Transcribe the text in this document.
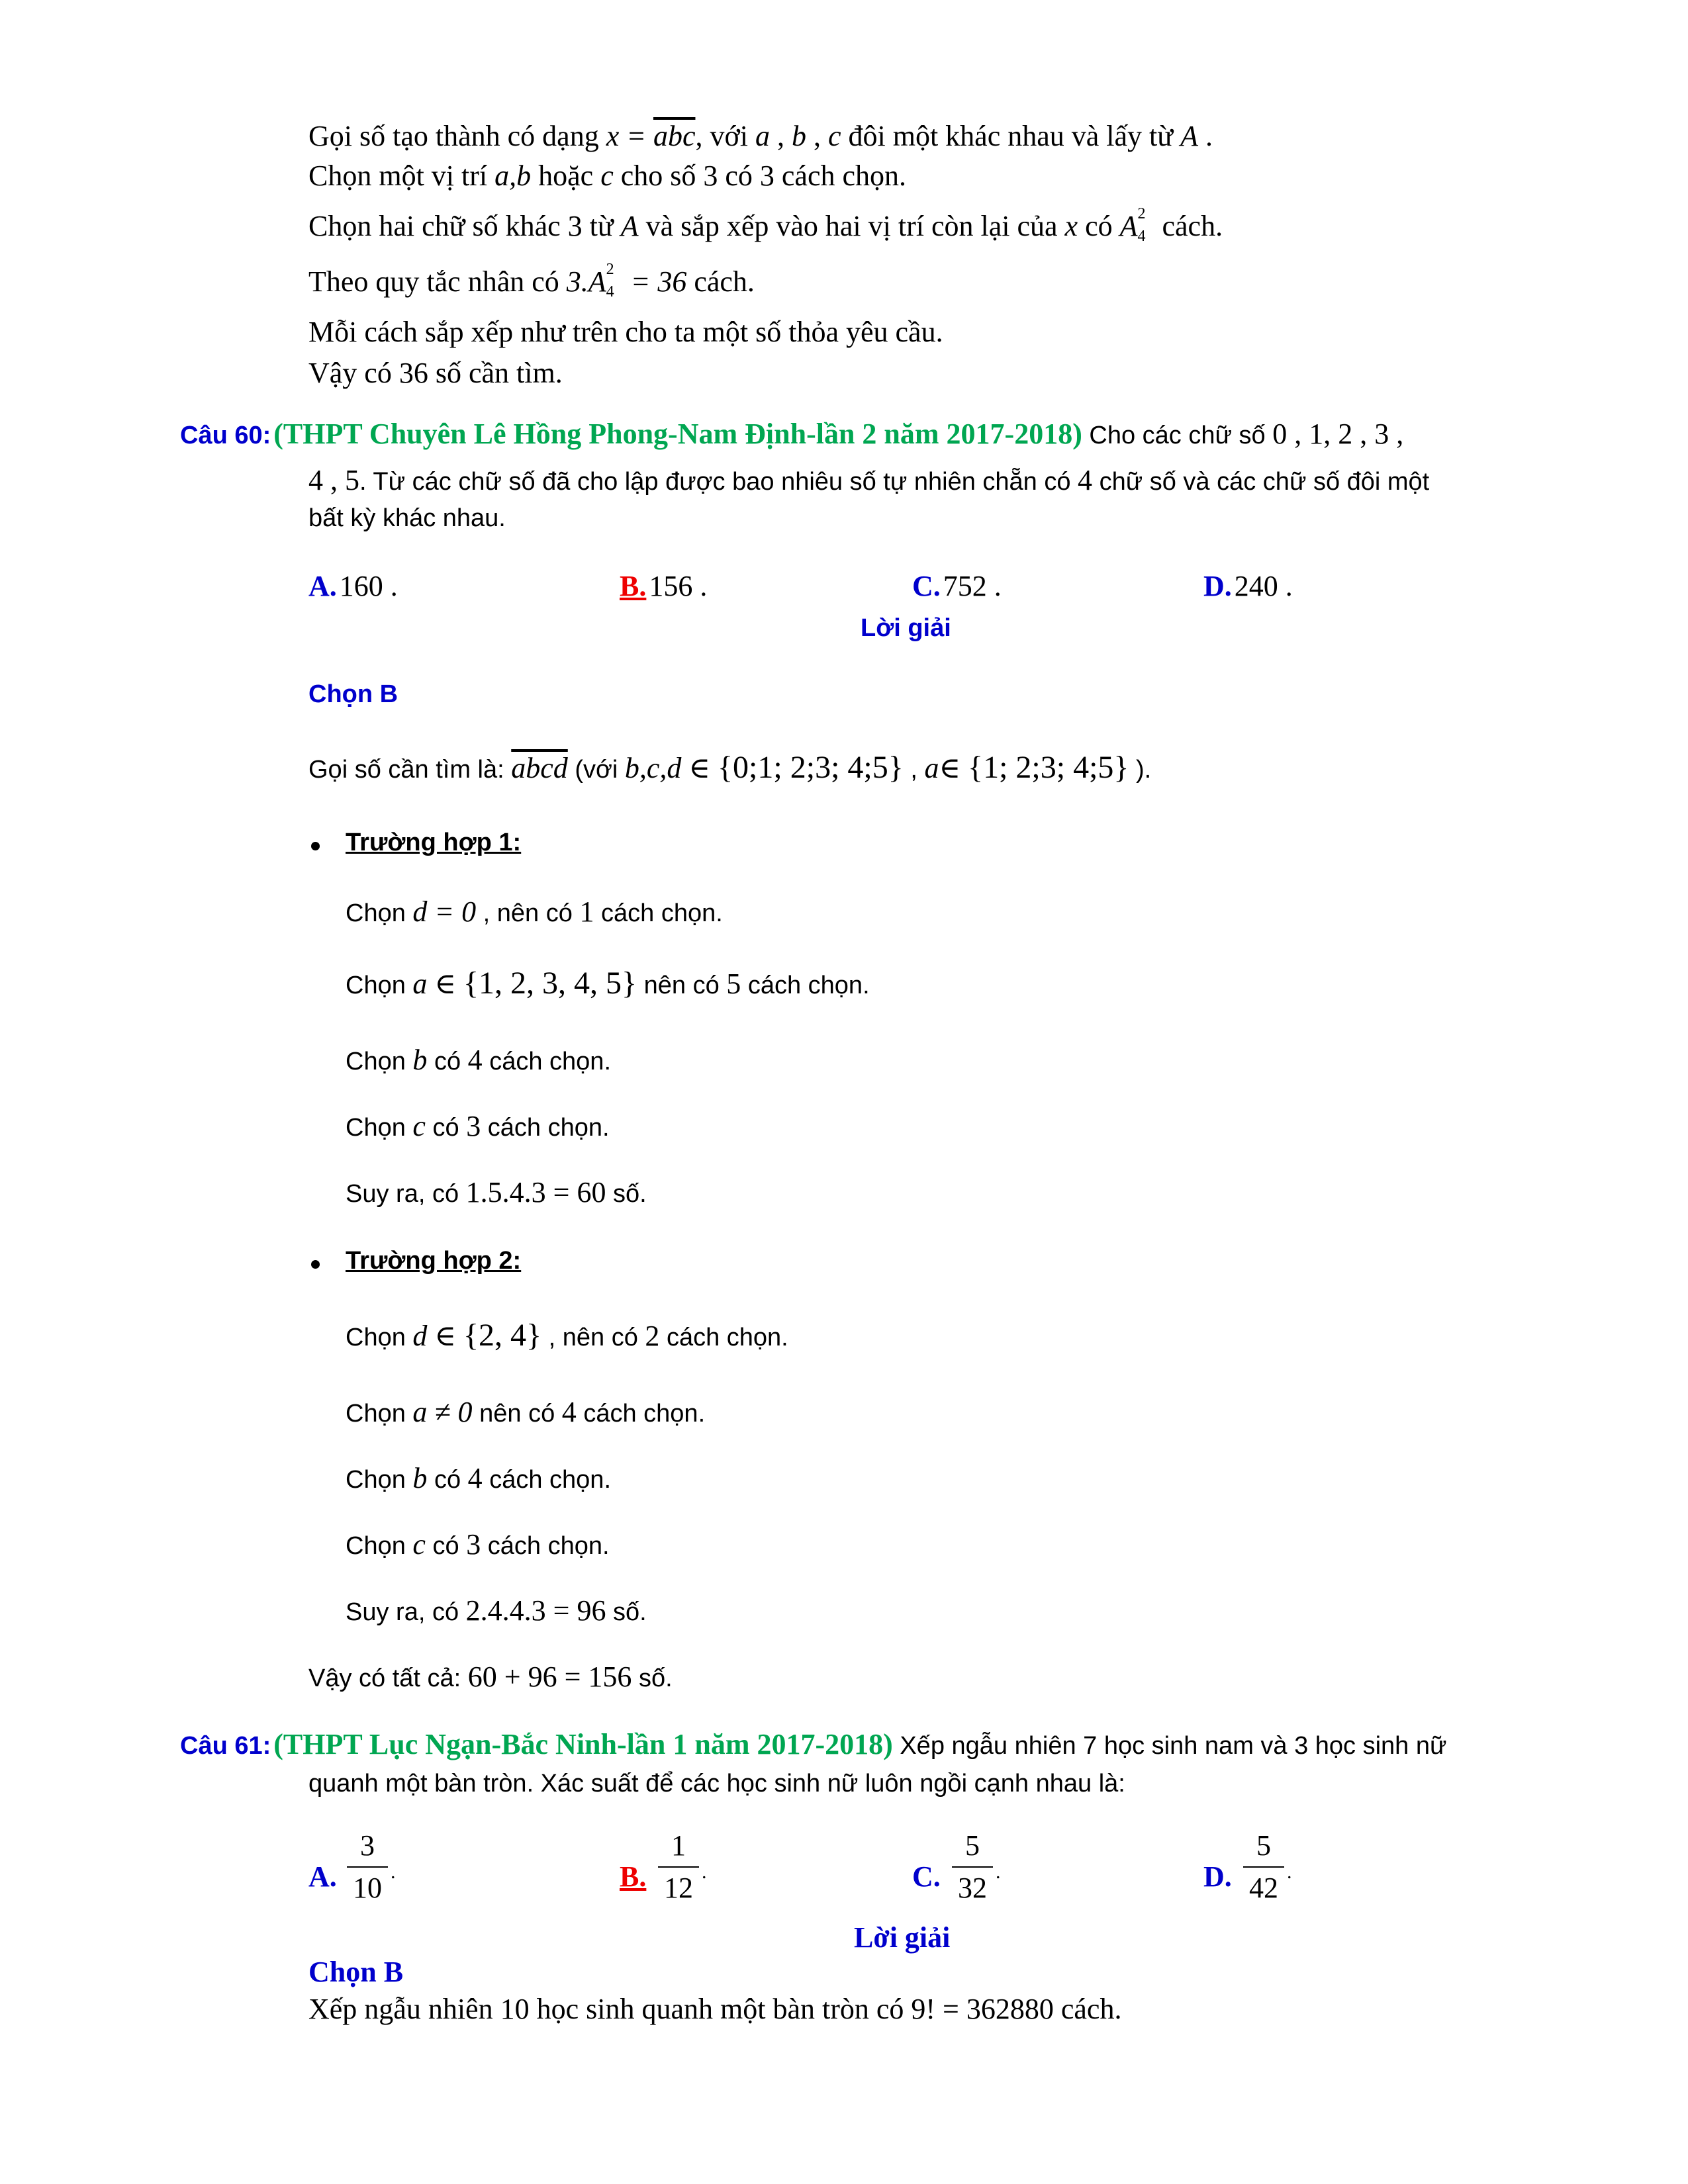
Gọi số tạo thành có dạng $x = \overline{abc}$, với a , b , c đôi một khác nhau và lấy từ A .
Chọn một vị trí a,b hoặc c cho số 3 có 3 cách chọn.
Chọn hai chữ số khác 3 từ A và sắp xếp vào hai vị trí còn lại của x có A 2
4 cách.
Theo quy tắc nhân có 3.A 2
4 = 36 cách.
Mỗi cách sắp xếp như trên cho ta một số thỏa yêu cầu.
Vậy có 36 số cần tìm.
Câu 60: (THPT Chuyên Lê Hồng Phong-Nam Định-lần 2 năm 2017-2018) Cho các chữ số 0 , 1, 2 , 3 ,
4 , 5. Từ các chữ số đã cho lập được bao nhiêu số tự nhiên chẵn có 4 chữ số và các chữ số đôi một
bất kỳ khác nhau.
A. 160 .	B. 156 .	C. 752 .	D. 240 .
Lời giải
Chọn B
Gọi số cần tìm là: abcd (với b,c,d ∈ {0;1; 2;3; 4;5} , a∈ {1; 2;3; 4;5} ).
Trường hợp 1:
Chọn d = 0 , nên có 1 cách chọn.
Chọn a ∈ {1, 2, 3, 4, 5} nên có 5 cách chọn.
Chọn b có 4 cách chọn.
Chọn c có 3 cách chọn.
Suy ra, có 1.5.4.3 = 60 số.
Trường hợp 2:
Chọn d ∈ {2, 4} , nên có 2 cách chọn.
Chọn a ≠ 0 nên có 4 cách chọn.
Chọn b có 4 cách chọn.
Chọn c có 3 cách chọn.
Suy ra, có 2.4.4.3 = 96 số.
Vậy có tất cả: 60 + 96 = 156 số.
Câu 61: (THPT Lục Ngạn-Bắc Ninh-lần 1 năm 2017-2018) Xếp ngẫu nhiên 7 học sinh nam và 3 học sinh nữ
quanh một bàn tròn. Xác suất để các học sinh nữ luôn ngồi cạnh nhau là:
A.
3
10 .	B.
1
12 .	C.
5
32 .	D.
5
42 .
Lời giải
Chọn B
Xếp ngẫu nhiên 10 học sinh quanh một bàn tròn có 9! = 362880 cách.
